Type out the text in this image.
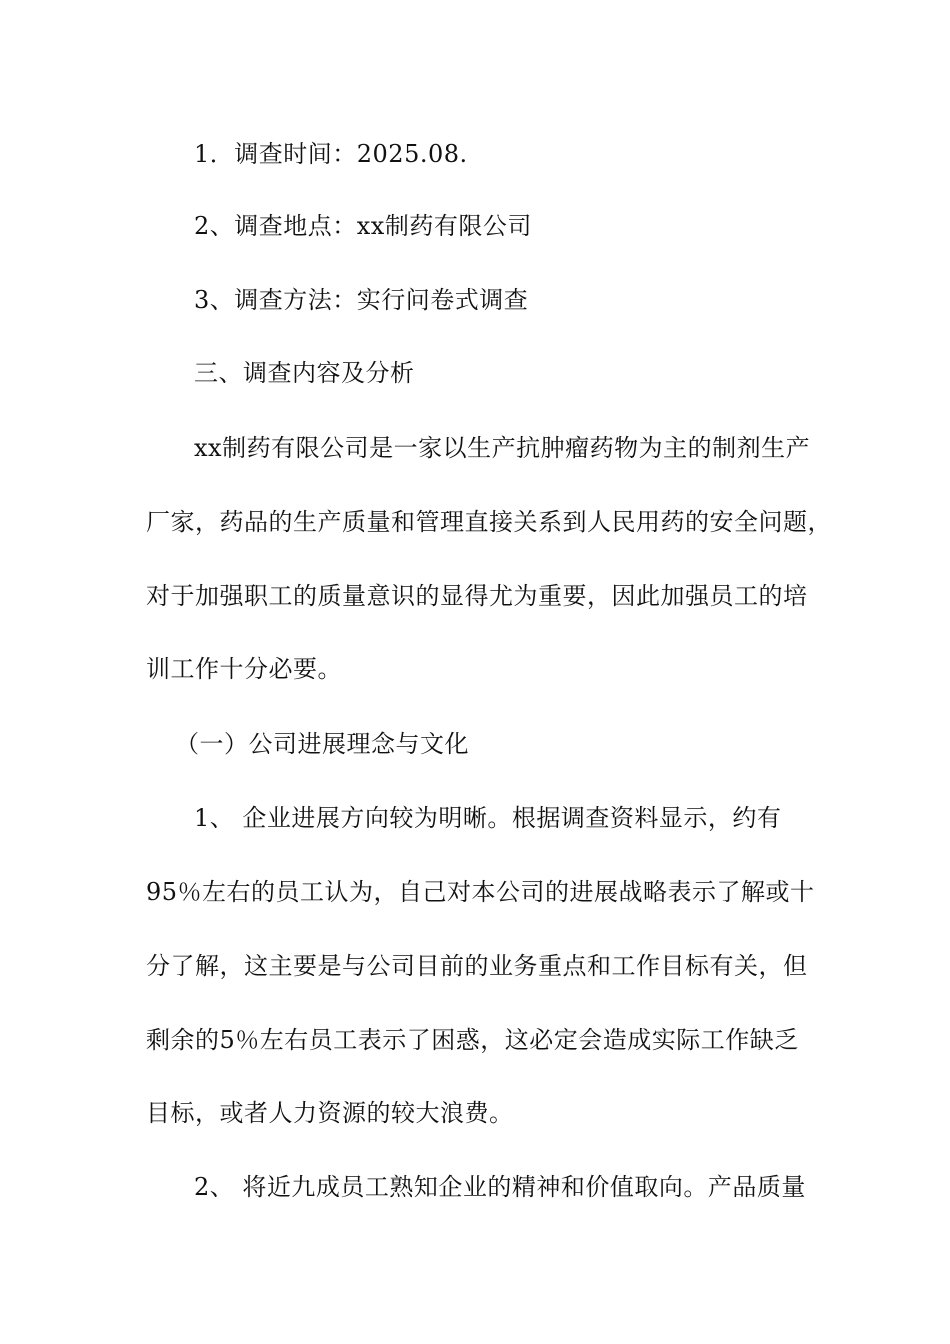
1．调查时间：2025.08.
2、调查地点：xx制药有限公司
3、调查方法：实行问卷式调查
三、调查内容及分析
xx制药有限公司是一家以生产抗肿瘤药物为主的制剂生产
厂家，药品的生产质量和管理直接关系到人民用药的安全问题，
对于加强职工的质量意识的显得尤为重要，因此加强员工的培
训工作十分必要。
（一）公司进展理念与文化
1、 企业进展方向较为明晰。根据调查资料显示，约有
95％左右的员工认为，自己对本公司的进展战略表示了解或十
分了解，这主要是与公司目前的业务重点和工作目标有关，但
剩余的5％左右员工表示了困惑，这必定会造成实际工作缺乏
目标，或者人力资源的较大浪费。
2、 将近九成员工熟知企业的精神和价值取向。产品质量
